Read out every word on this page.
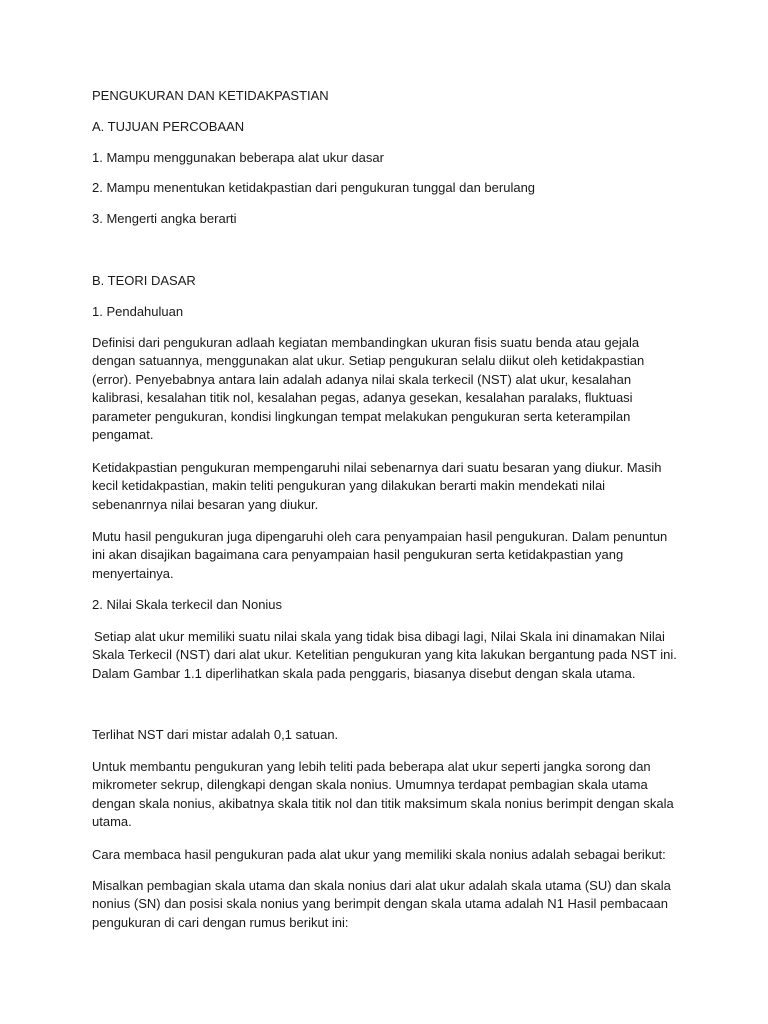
PENGUKURAN DAN KETIDAKPASTIAN
A. TUJUAN PERCOBAAN
1. Mampu menggunakan beberapa alat ukur dasar
2. Mampu menentukan ketidakpastian dari pengukuran tunggal dan berulang
3. Mengerti angka berarti
B. TEORI DASAR
1. Pendahuluan
Definisi dari pengukuran adlaah kegiatan membandingkan ukuran fisis suatu benda atau gejala
dengan satuannya, menggunakan alat ukur. Setiap pengukuran selalu diikut oleh ketidakpastian
(error). Penyebabnya antara lain adalah adanya nilai skala terkecil (NST) alat ukur, kesalahan
kalibrasi, kesalahan titik nol, kesalahan pegas, adanya gesekan, kesalahan paralaks, fluktuasi
parameter pengukuran, kondisi lingkungan tempat melakukan pengukuran serta keterampilan
pengamat.
Ketidakpastian pengukuran mempengaruhi nilai sebenarnya dari suatu besaran yang diukur. Masih
kecil ketidakpastian, makin teliti pengukuran yang dilakukan berarti makin mendekati nilai
sebenanrnya nilai besaran yang diukur.
Mutu hasil pengukuran juga dipengaruhi oleh cara penyampaian hasil pengukuran. Dalam penuntun
ini akan disajikan bagaimana cara penyampaian hasil pengukuran serta ketidakpastian yang
menyertainya.
2. Nilai Skala terkecil dan Nonius
Setiap alat ukur memiliki suatu nilai skala yang tidak bisa dibagi lagi, Nilai Skala ini dinamakan Nilai
Skala Terkecil (NST) dari alat ukur. Ketelitian pengukuran yang kita lakukan bergantung pada NST ini.
Dalam Gambar 1.1 diperlihatkan skala pada penggaris, biasanya disebut dengan skala utama.
Terlihat NST dari mistar adalah 0,1 satuan.
Untuk membantu pengukuran yang lebih teliti pada beberapa alat ukur seperti jangka sorong dan
mikrometer sekrup, dilengkapi dengan skala nonius. Umumnya terdapat pembagian skala utama
dengan skala nonius, akibatnya skala titik nol dan titik maksimum skala nonius berimpit dengan skala
utama.
Cara membaca hasil pengukuran pada alat ukur yang memiliki skala nonius adalah sebagai berikut:
Misalkan pembagian skala utama dan skala nonius dari alat ukur adalah skala utama (SU) dan skala
nonius (SN) dan posisi skala nonius yang berimpit dengan skala utama adalah N1 Hasil pembacaan
pengukuran di cari dengan rumus berikut ini:
